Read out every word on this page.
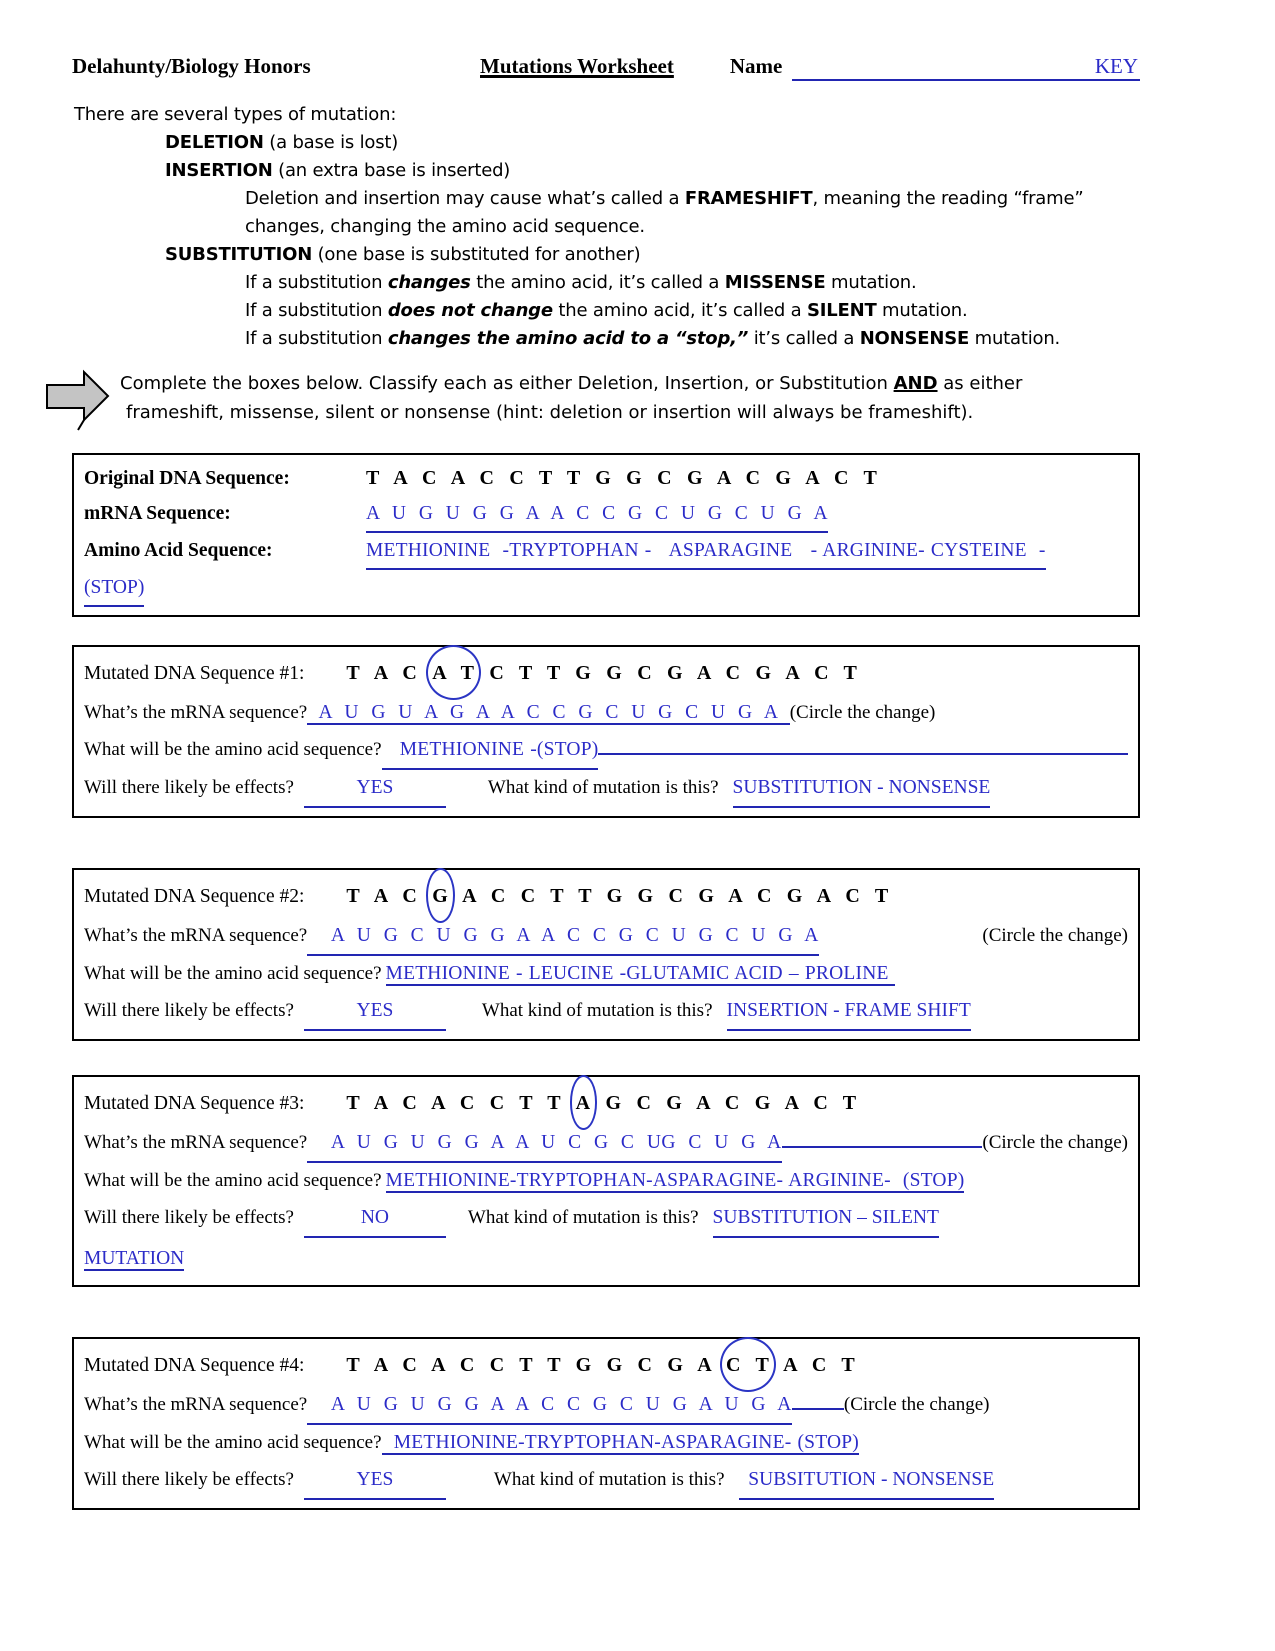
Delahunty/Biology Honors	Mutations Worksheet	Name	KEY
There are several types of mutation:
DELETION (a base is lost)
INSERTION (an extra base is inserted)
Deletion and insertion may cause what’s called a FRAMESHIFT, meaning the reading “frame”
changes, changing the amino acid sequence.
SUBSTITUTION (one base is substituted for another)
If a substitution changes the amino acid, it’s called a MISSENSE mutation.
If a substitution does not change the amino acid, it’s called a SILENT mutation.
If a substitution changes the amino acid to a “stop,” it’s called a NONSENSE mutation.
Complete the boxes below. Classify each as either Deletion, Insertion, or Substitution AND as either
frameshift, missense, silent or nonsense (hint: deletion or insertion will always be frameshift).
Original DNA Sequence:	T A C A C C T T G G C G A C G A C T
mRNA Sequence:	A U G U G G A A C C G C U G C U G A
Amino Acid Sequence:	METHIONINE  -TRYPTOPHAN -   ASPARAGINE   - ARGININE- CYSTEINE  -
(STOP)
Mutated DNA Sequence #1: T A C A T C T T G G C G A C G A C T
What’s the mRNA sequence? A U G U A G A A C C G C U G C U G A (Circle the change)
What will be the amino acid sequence? METHIONINE -(STOP)
Will there likely be effects?	YES	What kind of mutation is this? SUBSTITUTION - NONSENSE
Mutated DNA Sequence #2: T A C G A C C T T G G C G A C G A C T
What’s the mRNA sequence? A U G C U G G A A C C G C U G C U G A	(Circle the change)
What will be the amino acid sequence? METHIONINE - LEUCINE -GLUTAMIC ACID – PROLINE
Will there likely be effects?	YES	What kind of mutation is this? INSERTION - FRAME SHIFT
Mutated DNA Sequence #3: T A C A C C T T A G C G A C G A C T
What’s the mRNA sequence? A U G U G G A A U C G C UG C U G A	(Circle the change)
What will be the amino acid sequence? METHIONINE-TRYPTOPHAN-ASPARAGINE- ARGININE-  (STOP)
Will there likely be effects?	NO	What kind of mutation is this? SUBSTITUTION – SILENT
MUTATION
Mutated DNA Sequence #4: T A C A C C T T G G C G A C T A C T
What’s the mRNA sequence? A U G U G G A A C C G C U G A U G A	(Circle the change)
What will be the amino acid sequence?  METHIONINE-TRYPTOPHAN-ASPARAGINE- (STOP)
Will there likely be effects?	YES	What kind of mutation is this? SUBSITUTION - NONSENSE
